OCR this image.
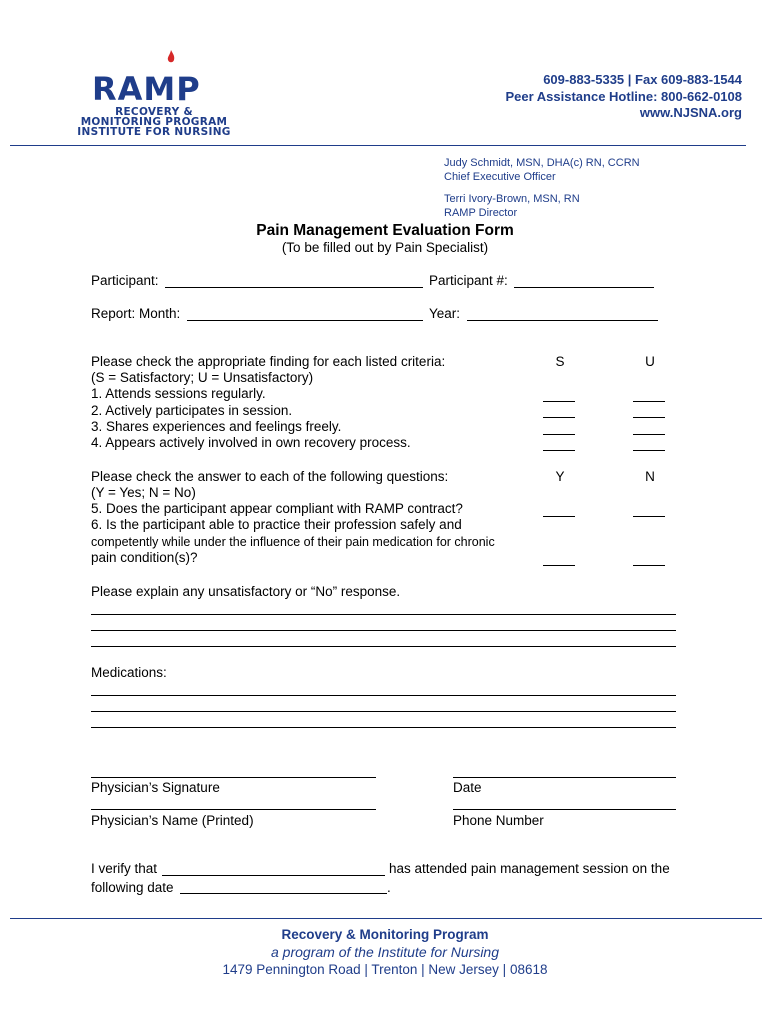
RAMP
RECOVERY &
MONITORING PROGRAM
INSTITUTE FOR NURSING
609-883-5335 | Fax 609-883-1544
Peer Assistance Hotline: 800-662-0108
www.NJSNA.org
Judy Schmidt, MSN, DHA(c) RN, CCRN
Chief Executive Officer
Terri Ivory-Brown, MSN, RN
RAMP Director
Pain Management Evaluation Form
(To be filled out by Pain Specialist)
Participant:	Participant #:
Report: Month:	Year:
Please check the appropriate finding for each listed criteria:	S	U
(S = Satisfactory; U = Unsatisfactory)
1. Attends sessions regularly.
2. Actively participates in session.
3. Shares experiences and feelings freely.
4. Appears actively involved in own recovery process.
Please check the answer to each of the following questions:	Y	N
(Y = Yes; N = No)
5. Does the participant appear compliant with RAMP contract?
6. Is the participant able to practice their profession safely and
competently while under the influence of their pain medication for chronic
pain condition(s)?
Please explain any unsatisfactory or “No” response.
Medications:
Physician’s Signature	Date
Physician’s Name (Printed)	Phone Number
I verify that	has attended pain management session on the
following date	.
Recovery & Monitoring Program
a program of the Institute for Nursing
1479 Pennington Road | Trenton | New Jersey | 08618
